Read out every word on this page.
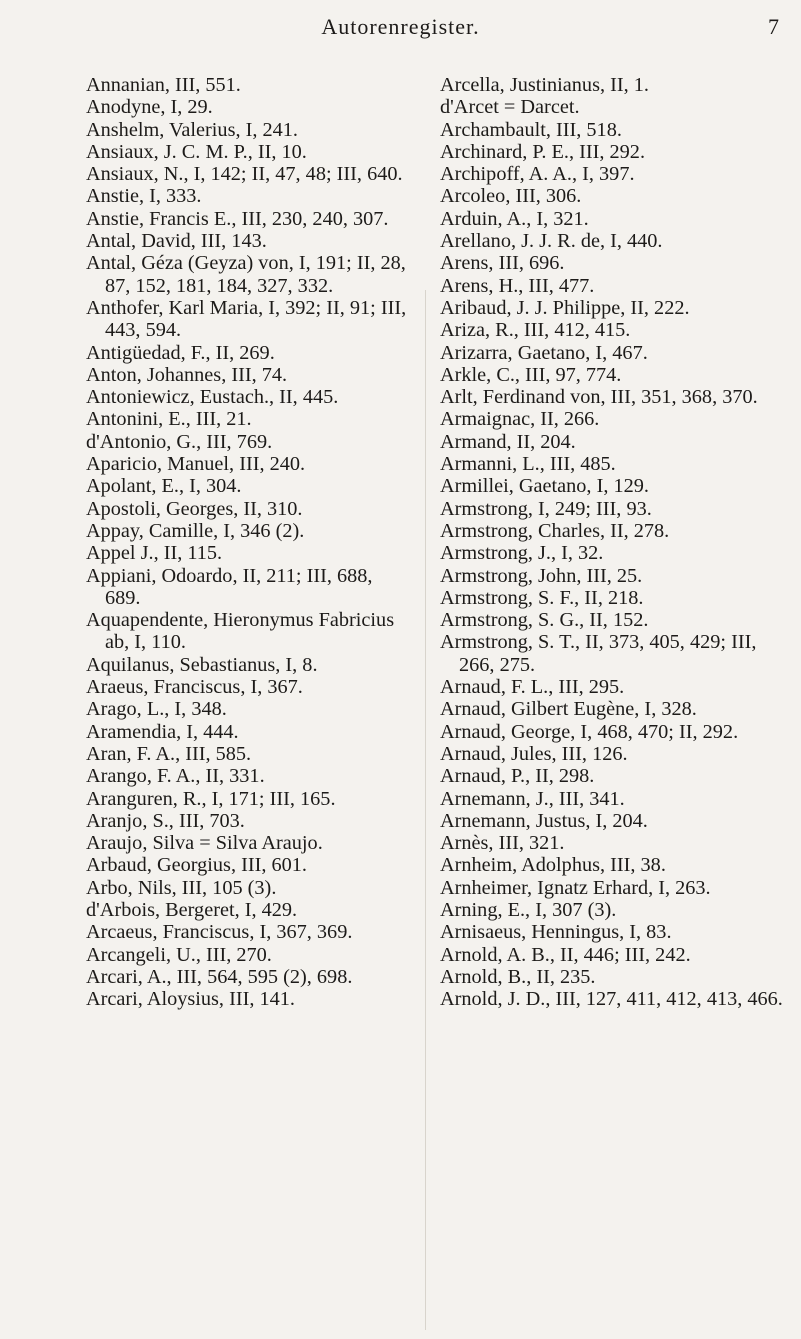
Autorenregister.	7
Annanian, III, 551.
Anodyne, I, 29.
Anshelm, Valerius, I, 241.
Ansiaux, J. C. M. P., II, 10.
Ansiaux, N., I, 142; II, 47, 48; III, 640.
Anstie, I, 333.
Anstie, Francis E., III, 230, 240, 307.
Antal, David, III, 143.
Antal, Géza (Geyza) von, I, 191; II, 28, 87, 152, 181, 184, 327, 332.
Anthofer, Karl Maria, I, 392; II, 91; III, 443, 594.
Antigüedad, F., II, 269.
Anton, Johannes, III, 74.
Antoniewicz, Eustach., II, 445.
Antonini, E., III, 21.
d'Antonio, G., III, 769.
Aparicio, Manuel, III, 240.
Apolant, E., I, 304.
Apostoli, Georges, II, 310.
Appay, Camille, I, 346 (2).
Appel J., II, 115.
Appiani, Odoardo, II, 211; III, 688, 689.
Aquapendente, Hieronymus Fabricius ab, I, 110.
Aquilanus, Sebastianus, I, 8.
Araeus, Franciscus, I, 367.
Arago, L., I, 348.
Aramendia, I, 444.
Aran, F. A., III, 585.
Arango, F. A., II, 331.
Aranguren, R., I, 171; III, 165.
Aranjo, S., III, 703.
Araujo, Silva = Silva Araujo.
Arbaud, Georgius, III, 601.
Arbo, Nils, III, 105 (3).
d'Arbois, Bergeret, I, 429.
Arcaeus, Franciscus, I, 367, 369.
Arcangeli, U., III, 270.
Arcari, A., III, 564, 595 (2), 698.
Arcari, Aloysius, III, 141.
Arcella, Justinianus, II, 1.
d'Arcet = Darcet.
Archambault, III, 518.
Archinard, P. E., III, 292.
Archipoff, A. A., I, 397.
Arcoleo, III, 306.
Arduin, A., I, 321.
Arellano, J. J. R. de, I, 440.
Arens, III, 696.
Arens, H., III, 477.
Aribaud, J. J. Philippe, II, 222.
Ariza, R., III, 412, 415.
Arizarra, Gaetano, I, 467.
Arkle, C., III, 97, 774.
Arlt, Ferdinand von, III, 351, 368, 370.
Armaignac, II, 266.
Armand, II, 204.
Armanni, L., III, 485.
Armillei, Gaetano, I, 129.
Armstrong, I, 249; III, 93.
Armstrong, Charles, II, 278.
Armstrong, J., I, 32.
Armstrong, John, III, 25.
Armstrong, S. F., II, 218.
Armstrong, S. G., II, 152.
Armstrong, S. T., II, 373, 405, 429; III, 266, 275.
Arnaud, F. L., III, 295.
Arnaud, Gilbert Eugène, I, 328.
Arnaud, George, I, 468, 470; II, 292.
Arnaud, Jules, III, 126.
Arnaud, P., II, 298.
Arnemann, J., III, 341.
Arnemann, Justus, I, 204.
Arnès, III, 321.
Arnheim, Adolphus, III, 38.
Arnheimer, Ignatz Erhard, I, 263.
Arning, E., I, 307 (3).
Arnisaeus, Henningus, I, 83.
Arnold, A. B., II, 446; III, 242.
Arnold, B., II, 235.
Arnold, J. D., III, 127, 411, 412, 413, 466.
